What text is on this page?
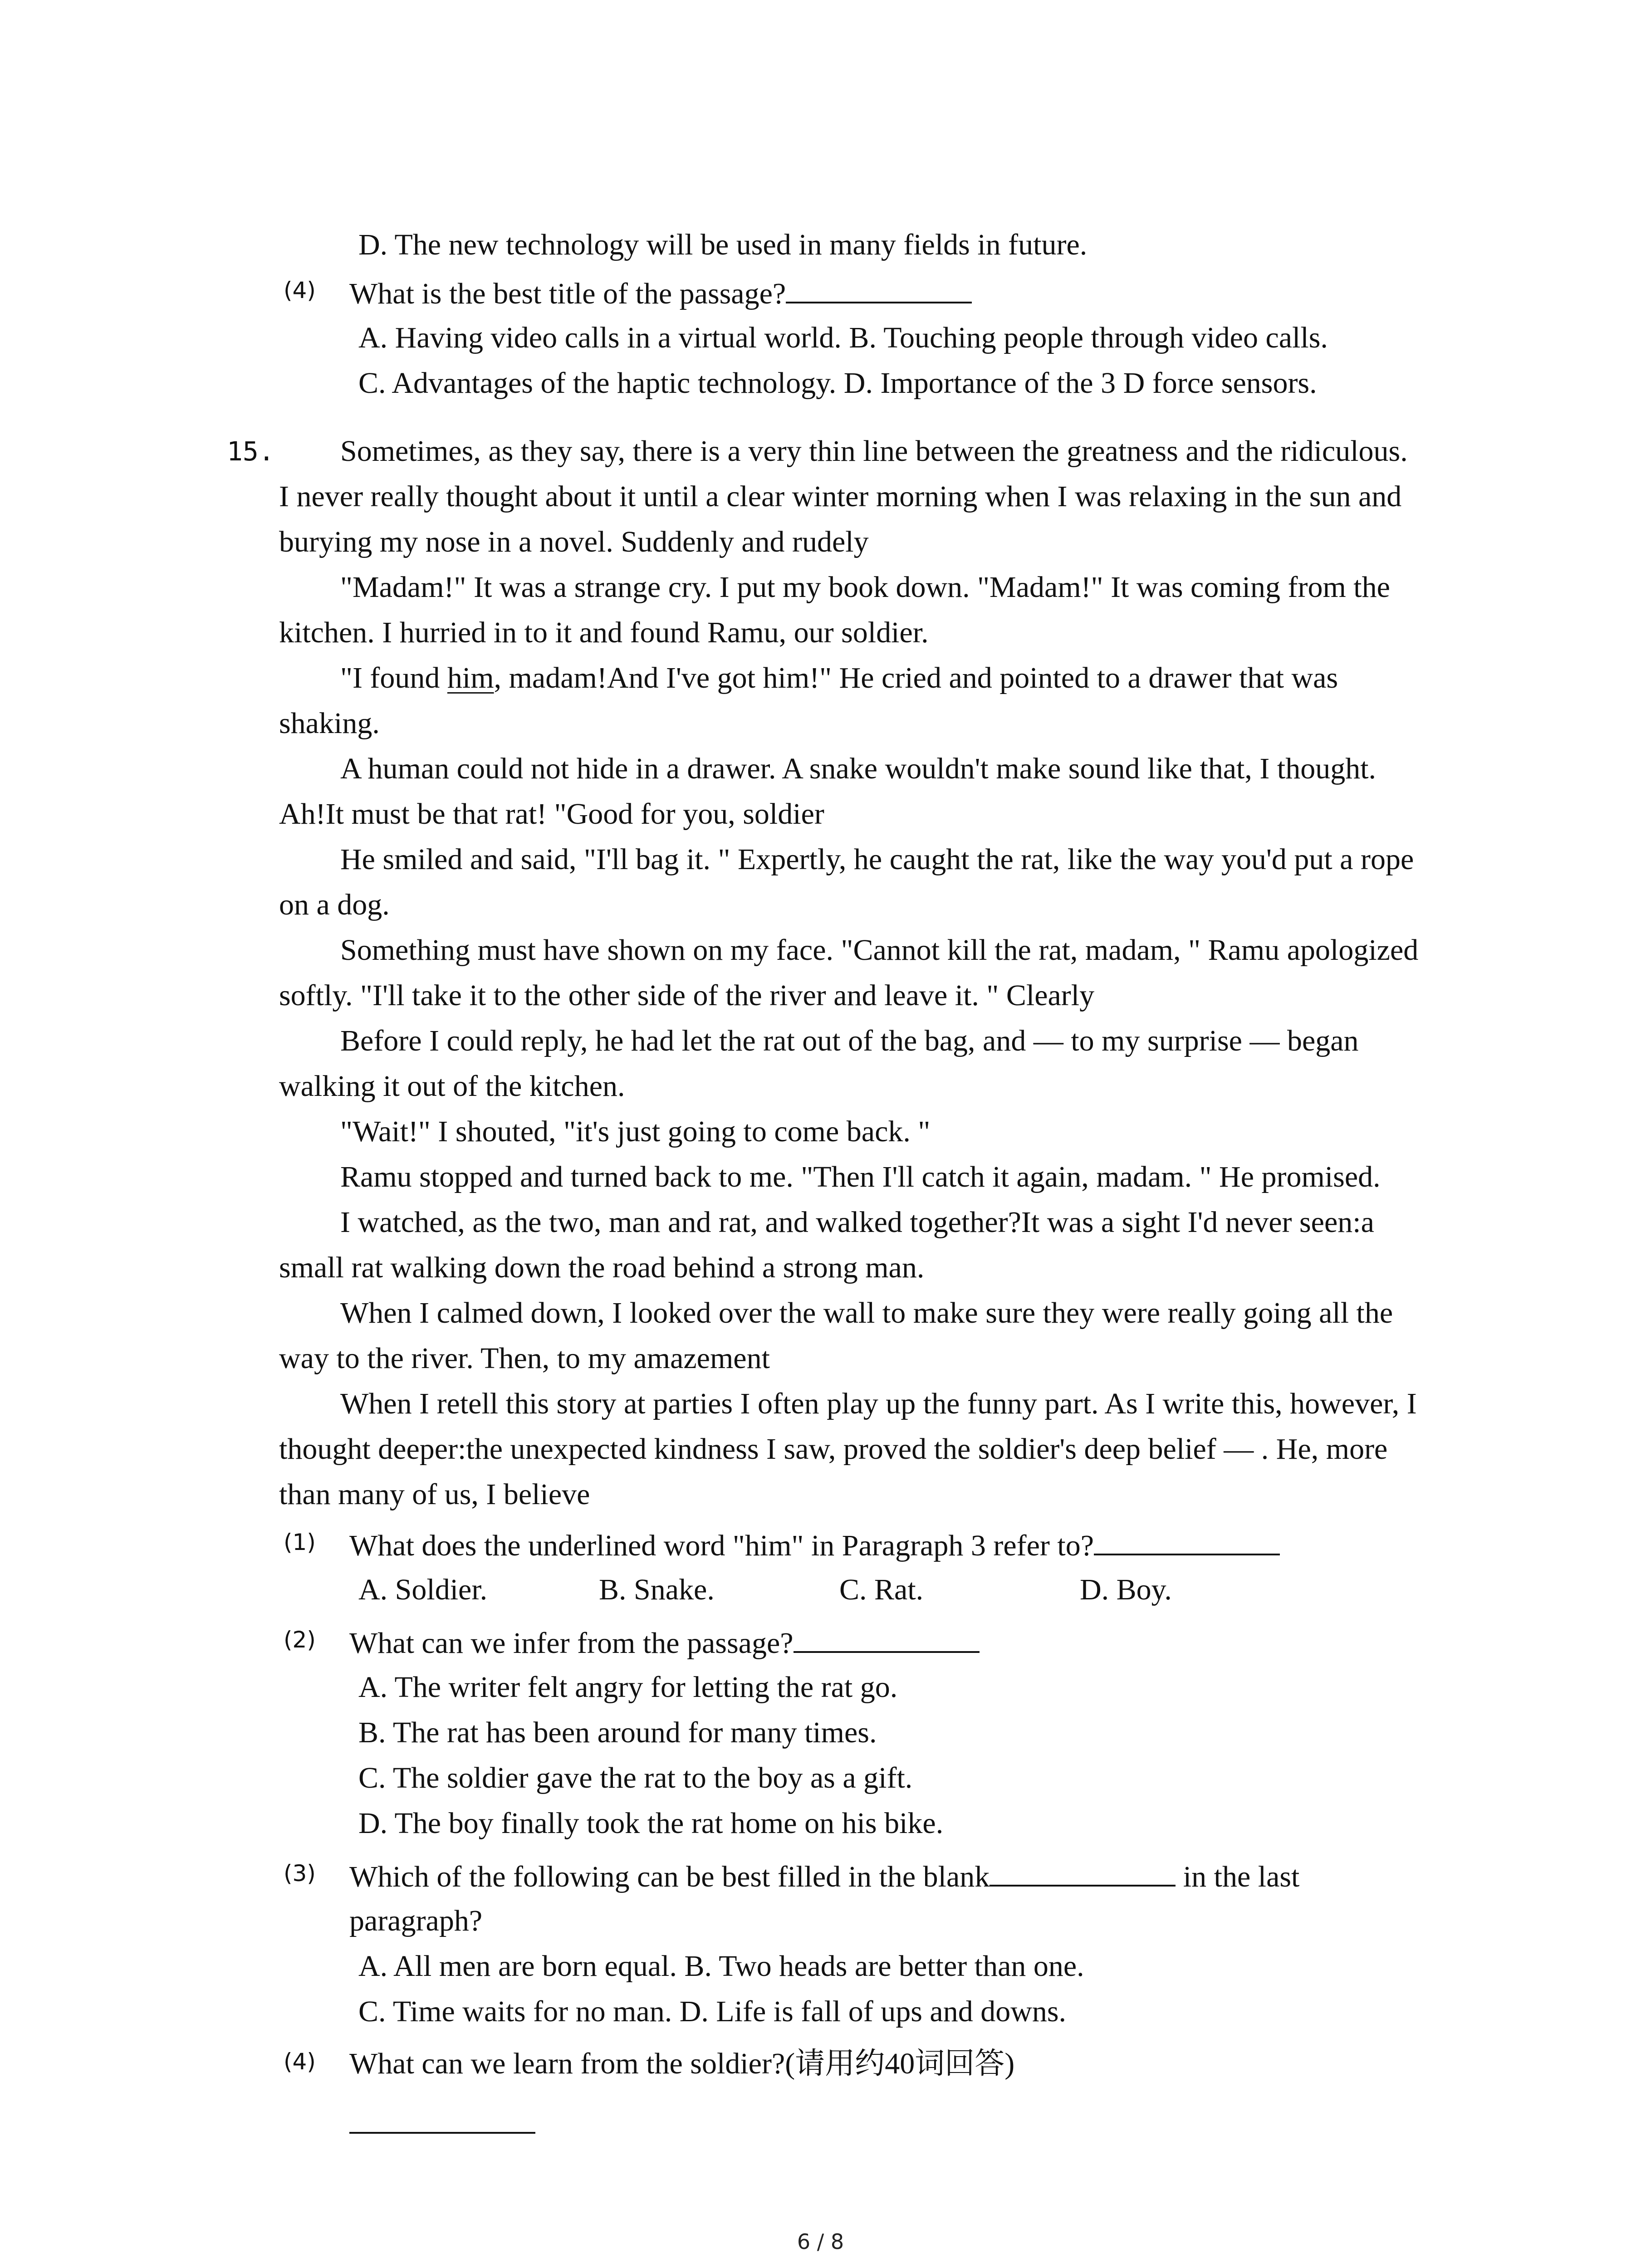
D. The new technology will be used in many fields in future.
(4) What is the best title of the passage?
A. Having video calls in a virtual world. B. Touching people through video calls.
C. Advantages of the haptic technology. D. Importance of the 3 D force sensors.
15. Sometimes, as they say, there is a very thin line between the greatness and the ridiculous.
I never really thought about it until a clear winter morning when I was relaxing in the sun and
burying my nose in a novel. Suddenly and rudely
"Madam!" It was a strange cry. I put my book down. "Madam!" It was coming from the
kitchen. I hurried in to it and found Ramu, our soldier.
"I found him, madam!And I've got him!" He cried and pointed to a drawer that was
shaking.
A human could not hide in a drawer. A snake wouldn't make sound like that, I thought.
Ah!It must be that rat! "Good for you, soldier
He smiled and said, "I'll bag it. " Expertly, he caught the rat, like the way you'd put a rope
on a dog.
Something must have shown on my face. "Cannot kill the rat, madam, " Ramu apologized
softly. "I'll take it to the other side of the river and leave it. " Clearly
Before I could reply, he had let the rat out of the bag, and — to my surprise — began
walking it out of the kitchen.
"Wait!" I shouted, "it's just going to come back. "
Ramu stopped and turned back to me. "Then I'll catch it again, madam. " He promised.
I watched, as the two, man and rat, and walked together?It was a sight I'd never seen:a
small rat walking down the road behind a strong man.
When I calmed down, I looked over the wall to make sure they were really going all the
way to the river. Then, to my amazement
When I retell this story at parties I often play up the funny part. As I write this, however, I
thought deeper:the unexpected kindness I saw, proved the soldier's deep belief — . He, more
than many of us, I believe
(1) What does the underlined word "him" in Paragraph 3 refer to?
A. Soldier.	B. Snake.	C. Rat.	D. Boy.
(2) What can we infer from the passage?
A. The writer felt angry for letting the rat go.
B. The rat has been around for many times.
C. The soldier gave the rat to the boy as a gift.
D. The boy finally took the rat home on his bike.
(3) Which of the following can be best filled in the blank	in the last
paragraph?
A. All men are born equal. B. Two heads are better than one.
C. Time waits for no man. D. Life is fall of ups and downs.
(4) What can we learn from the soldier?(请用约40词回答)
6 / 8
